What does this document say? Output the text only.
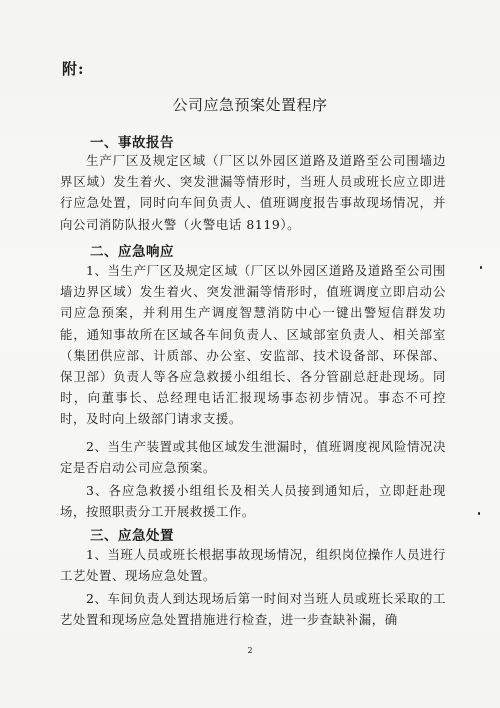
附:
公司应急预案处置程序
一、事故报告
生产厂区及规定区域（厂区以外园区道路及道路至公司围墙边界区域）发生着火、突发泄漏等情形时，当班人员或班长应立即进行应急处置，同时向车间负责人、值班调度报告事故现场情况，并向公司消防队报火警（火警电话 8119）。
二、应急响应
1、当生产厂区及规定区域（厂区以外园区道路及道路至公司围墙边界区域）发生着火、突发泄漏等情形时，值班调度立即启动公司应急预案，并利用生产调度智慧消防中心一键出警短信群发功能，通知事故所在区域各车间负责人、区域部室负责人、相关部室（集团供应部、计质部、办公室、安监部、技术设备部、环保部、保卫部）负责人等各应急救援小组组长、各分管副总赶赴现场。同时，向董事长、总经理电话汇报现场事态初步情况。事态不可控时，及时向上级部门请求支援。
2、当生产装置或其他区域发生泄漏时，值班调度视风险情况决定是否启动公司应急预案。
3、各应急救援小组组长及相关人员接到通知后，立即赶赴现场，按照职责分工开展救援工作。
三、应急处置
1、当班人员或班长根据事故现场情况，组织岗位操作人员进行工艺处置、现场应急处置。
2、车间负责人到达现场后第一时间对当班人员或班长采取的工艺处置和现场应急处置措施进行检查，进一步查缺补漏，确
2
